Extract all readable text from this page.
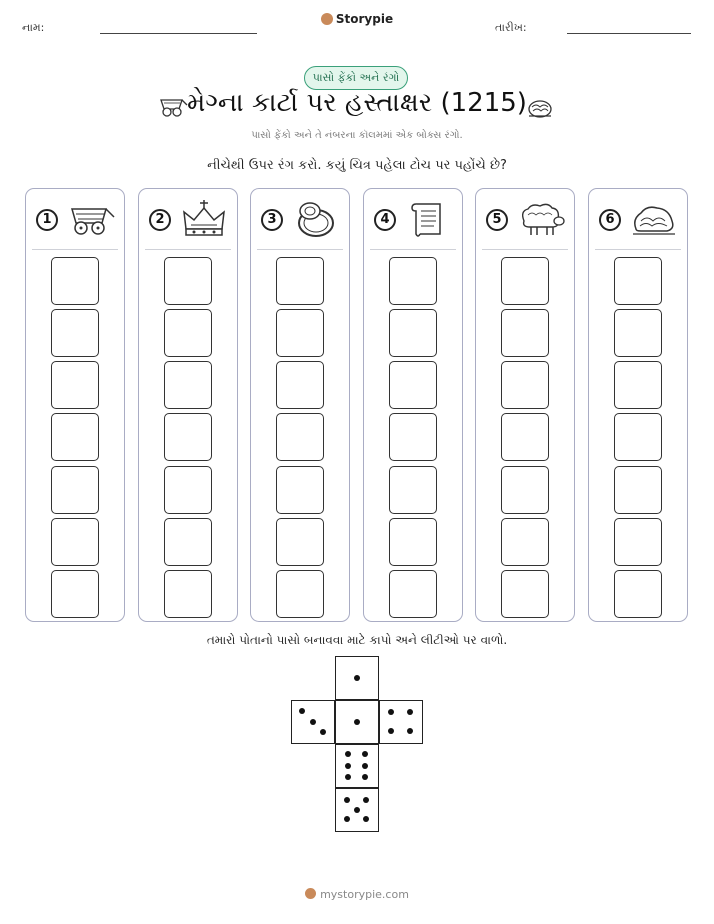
નામ:
Storypie
તારીખ:
પાસો ફેંકો અને રંગો
મેગ્ના કાર્ટા પર હસ્તાક્ષર (1215)
પાસો ફેંકો અને તે નંબરના કૉલમમાં એક બોક્સ રંગો.
નીચેથી ઉપર રંગ કરો. કયું ચિત્ર પહેલા ટોચ પર પહોંચે છે?
1	2	3	4	5	6
તમારો પોતાનો પાસો બનાવવા માટે કાપો અને લીટીઓ પર વાળો.
mystorypie.com
